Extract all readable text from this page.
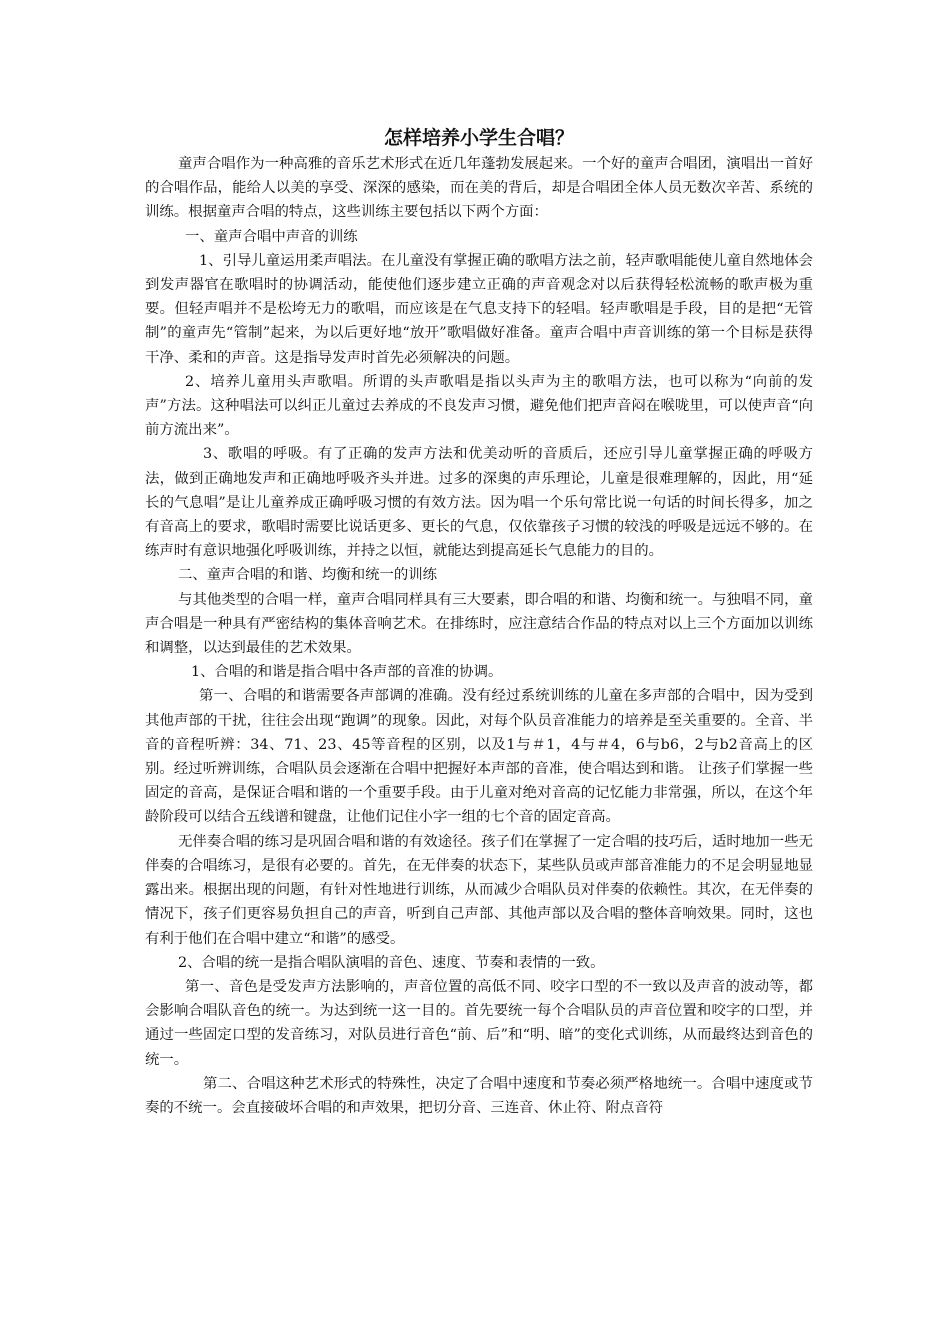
怎样培养小学生合唱？

童声合唱作为一种高雅的音乐艺术形式在近几年蓬勃发展起来。一个好的童声合唱团，演唱出一首好的合唱作品，能给人以美的享受、深深的感染，而在美的背后，却是合唱团全体人员无数次辛苦、系统的训练。根据童声合唱的特点，这些训练主要包括以下两个方面：

一、童声合唱中声音的训练

1、引导儿童运用柔声唱法。在儿童没有掌握正确的歌唱方法之前，轻声歌唱能使儿童自然地体会到发声器官在歌唱时的协调活动，能使他们逐步建立正确的声音观念对以后获得轻松流畅的歌声极为重要。但轻声唱并不是松垮无力的歌唱，而应该是在气息支持下的轻唱。轻声歌唱是手段，目的是把“无管制”的童声先“管制”起来，为以后更好地“放开”歌唱做好准备。童声合唱中声音训练的第一个目标是获得干净、柔和的声音。这是指导发声时首先必须解决的问题。

2、培养儿童用头声歌唱。所谓的头声歌唱是指以头声为主的歌唱方法，也可以称为“向前的发声”方法。这种唱法可以纠正儿童过去养成的不良发声习惯，避免他们把声音闷在喉咙里，可以使声音“向前方流出来”。

3、歌唱的呼吸。有了正确的发声方法和优美动听的音质后，还应引导儿童掌握正确的呼吸方法，做到正确地发声和正确地呼吸齐头并进。过多的深奥的声乐理论，儿童是很难理解的，因此，用“延长的气息唱”是让儿童养成正确呼吸习惯的有效方法。因为唱一个乐句常比说一句话的时间长得多，加之有音高上的要求，歌唱时需要比说话更多、更长的气息，仅依靠孩子习惯的较浅的呼吸是远远不够的。在练声时有意识地强化呼吸训练，并持之以恒，就能达到提高延长气息能力的目的。

二、童声合唱的和谐、均衡和统一的训练

与其他类型的合唱一样，童声合唱同样具有三大要素，即合唱的和谐、均衡和统一。与独唱不同，童声合唱是一种具有严密结构的集体音响艺术。在排练时，应注意结合作品的特点对以上三个方面加以训练和调整，以达到最佳的艺术效果。

1、合唱的和谐是指合唱中各声部的音准的协调。

第一、合唱的和谐需要各声部调的准确。没有经过系统训练的儿童在多声部的合唱中，因为受到其他声部的干扰，往往会出现“跑调”的现象。因此，对每个队员音准能力的培养是至关重要的。全音、半音的音程听辨：34、71、23、45等音程的区别，以及1与＃1，4与＃4，6与b6，2与b2音高上的区别。经过听辨训练，合唱队员会逐渐在合唱中把握好本声部的音准，使合唱达到和谐。 让孩子们掌握一些固定的音高，是保证合唱和谐的一个重要手段。由于儿童对绝对音高的记忆能力非常强，所以，在这个年龄阶段可以结合五线谱和键盘，让他们记住小字一组的七个音的固定音高。

无伴奏合唱的练习是巩固合唱和谐的有效途径。孩子们在掌握了一定合唱的技巧后，适时地加一些无伴奏的合唱练习，是很有必要的。首先，在无伴奏的状态下，某些队员或声部音准能力的不足会明显地显露出来。根据出现的问题，有针对性地进行训练，从而减少合唱队员对伴奏的依赖性。其次，在无伴奏的情况下，孩子们更容易负担自己的声音，听到自己声部、其他声部以及合唱的整体音响效果。同时，这也有利于他们在合唱中建立“和谐”的感受。

2、合唱的统一是指合唱队演唱的音色、速度、节奏和表情的一致。

第一、音色是受发声方法影响的，声音位置的高低不同、咬字口型的不一致以及声音的波动等，都会影响合唱队音色的统一。为达到统一这一目的。首先要统一每个合唱队员的声音位置和咬字的口型，并通过一些固定口型的发音练习，对队员进行音色“前、后”和“明、暗”的变化式训练，从而最终达到音色的统一。

第二、合唱这种艺术形式的特殊性，决定了合唱中速度和节奏必须严格地统一。合唱中速度或节奏的不统一。会直接破坏合唱的和声效果，把切分音、三连音、休止符、附点音符
